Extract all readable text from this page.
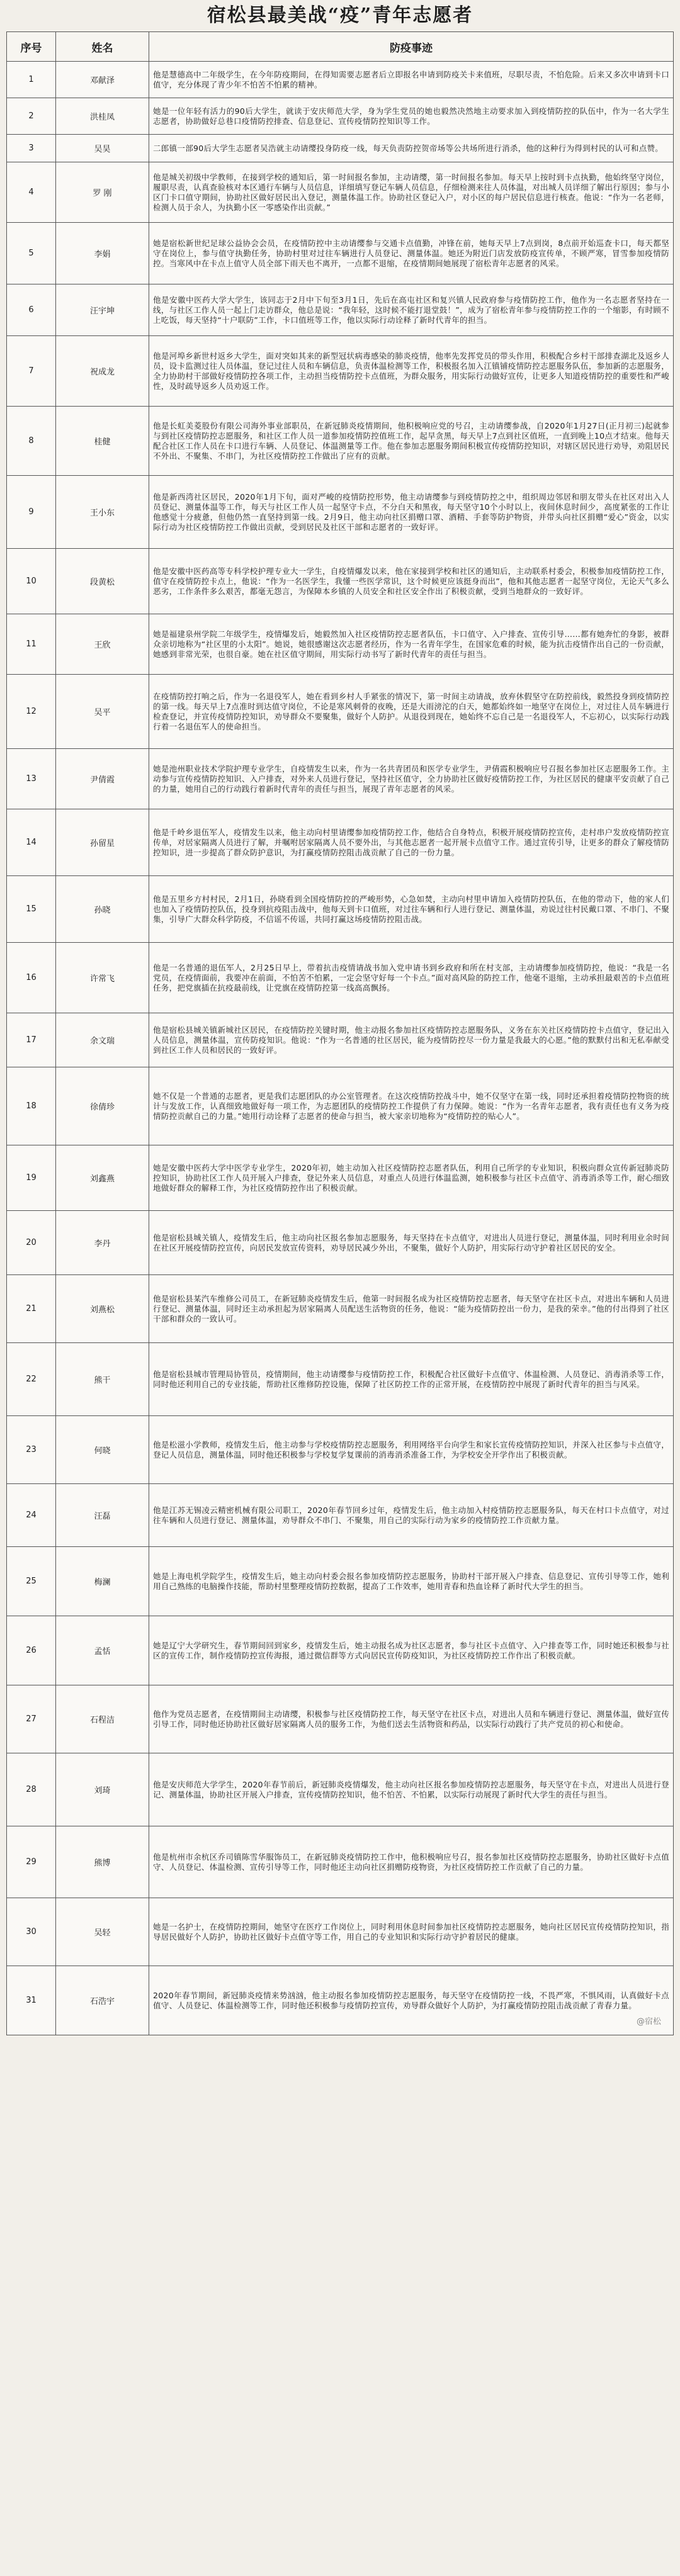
宿松县最美战“疫”青年志愿者
序号	姓名	防疫事迹
1	邓献泽	他是慧德高中二年级学生，在今年防疫期间，在得知需要志愿者后立即报名申请到防疫关卡来值班，尽职尽责，不怕危险。后来又多次申请到卡口值守，充分体现了青少年不怕苦不怕累的精神。
2	洪桂凤	她是一位年轻有活力的90后大学生，就读于安庆师范大学，身为学生党员的她也毅然决然地主动要求加入到疫情防控的队伍中，作为一名大学生志愿者，协助做好总巷口疫情防控排查、信息登记、宣传疫情防控知识等工作。
3	吴昊	二郎镇一部90后大学生志愿者吴浩就主动请缨投身防疫一线，每天负责防控贺帝场等公共场所进行消杀，他的这种行为得到村民的认可和点赞。
4	罗 刚	他是城关初级中学教师，在接到学校的通知后，第一时间报名参加，主动请缨，第一时间报名参加。每天早上按时到卡点执勤，他始终坚守岗位，履职尽责，认真查验核对本区通行车辆与人员信息，详细填写登记车辆人员信息，仔细检测来往人员体温，对出城人员详细了解出行原因；参与小区门卡口值守期间，协助社区做好居民出入登记，测量体温工作。协助社区登记入户，对小区的每户居民信息进行核查。他说：“作为一名老师，检测人员于余人，为执勤小区一零感染作出贡献。”
5	李娟	她是宿松新世纪足球公益协会会员，在疫情防控中主动请缨参与交通卡点值勤，冲锋在前，她每天早上7点到岗，8点前开始巡查卡口，每天都坚守在岗位上，参与值守执勤任务，协助村里对过往车辆进行人员登记、测量体温。她还为附近门店发放防疫宣传单，不顾严寒，冒雪参加疫情防控。当寒风中在卡点上值守人员全部下雨天也不离开，一点都不退缩，在疫情期间她展现了宿松青年志愿者的风采。
6	汪宇坤	他是安徽中医药大学大学生，该同志于2月中下旬至3月1日，先后在高屯社区和复兴镇人民政府参与疫情防控工作，他作为一名志愿者坚持在一线，与社区工作人员一起上门走访群众，他总是说：“我年轻，这时候不能打退堂鼓！”，成为了宿松青年参与疫情防控工作的一个缩影，有时顾不上吃饭，每天坚持“十户联防”工作，卡口值班等工作，他以实际行动诠释了新时代青年的担当。
7	祝成龙	他是河埠乡新世村返乡大学生，面对突如其来的新型冠状病毒感染的肺炎疫情，他率先发挥党员的带头作用，积极配合乡村干部排查湖北及返乡人员，设卡监测过往人员体温，登记过往人员和车辆信息，负责体温检测等工作，积极报名加入江镇铺疫情防控志愿服务队伍，参加新的志愿服务，全力协助村干部做好疫情防控各项工作，主动担当疫情防控卡点值班，为群众服务，用实际行动做好宣传，让更多人知道疫情防控的重要性和严峻性，及时疏导返乡人员劝返工作。
8	桂健	他是长虹美菱股份有限公司海外事业部职员，在新冠肺炎疫情期间，他积极响应党的号召，主动请缨参战，自2020年1月27日(正月初三)起就参与到社区疫情防控志愿服务，和社区工作人员一道参加疫情防控值班工作，起早贪黑，每天早上7点到社区值班，一直到晚上10点才结束。他每天配合社区工作人员在卡口进行车辆、人员登记、体温测量等工作。他在参加志愿服务期间积极宣传疫情防控知识，对辖区居民进行劝导，劝阻居民不外出、不聚集、不串门，为社区疫情防控工作做出了应有的贡献。
9	王小东	他是新西湾社区居民，2020年1月下旬，面对严峻的疫情防控形势，他主动请缨参与到疫情防控之中，组织周边邻居和朋友带头在社区对出入人员登记、测量体温等工作，每天与社区工作人员一起坚守卡点，不分白天和黑夜，每天坚守10个小时以上，夜间休息时间少，高度紧张的工作让他感觉十分疲惫，但他仍然一直坚持到第一线。2月9日，他主动向社区捐赠口罩、酒精、手套等防护物资，并带头向社区捐赠“爱心”资金，以实际行动为社区疫情防控工作做出贡献，受到居民及社区干部和志愿者的一致好评。
10	段黄松	他是安徽中医药高等专科学校护理专业大一学生，自疫情爆发以来，他在家接到学校和社区的通知后，主动联系村委会，积极参加疫情防控工作，值守在疫情防控卡点上，他说：“作为一名医学生，我懂一些医学常识，这个时候更应该挺身而出”，他和其他志愿者一起坚守岗位，无论天气多么恶劣，工作条件多么艰苦，都毫无怨言，为保障本乡镇的人员安全和社区安全作出了积极贡献，受到当地群众的一致好评。
11	王欣	她是福建泉州学院二年级学生，疫情爆发后，她毅然加入社区疫情防控志愿者队伍，卡口值守、入户排查、宣传引导……都有她奔忙的身影，被群众亲切地称为“社区里的小太阳”。她说，她很感谢这次志愿者经历，作为一名青年学生，在国家危难的时候，能为抗击疫情作出自己的一份贡献，她感到非常光荣，也很自豪。她在社区值守期间，用实际行动书写了新时代青年的责任与担当。
12	吴平	在疫情防控打响之后，作为一名退役军人，她在看到乡村人手紧张的情况下，第一时间主动请战，放弃休假坚守在防控前线，毅然投身到疫情防控的第一线。每天早上7点准时到达值守岗位，不论是寒风刺骨的夜晚，还是大雨滂沱的白天，她都始终如一地坚守在岗位上，对过往人员车辆进行检查登记，并宣传疫情防控知识，劝导群众不要聚集，做好个人防护。从退役到现在，她始终不忘自己是一名退役军人，不忘初心，以实际行动践行着一名退伍军人的使命担当。
13	尹倩霞	她是池州职业技术学院护理专业学生，自疫情发生以来，作为一名共青团员和医学专业学生，尹倩霞积极响应号召报名参加社区志愿服务工作。主动参与宣传疫情防控知识、入户排查，对外来人员进行登记，坚持社区值守，全力协助社区做好疫情防控工作，为社区居民的健康平安贡献了自己的力量，她用自己的行动践行着新时代青年的责任与担当，展现了青年志愿者的风采。
14	孙留星	他是千岭乡退伍军人，疫情发生以来，他主动向村里请缨参加疫情防控工作，他结合自身特点，积极开展疫情防控宣传，走村串户发放疫情防控宣传单，对居家隔离人员进行了解，并嘱咐居家隔离人员不要外出，与其他志愿者一起开展卡点值守工作。通过宣传引导，让更多的群众了解疫情防控知识，进一步提高了群众防护意识，为打赢疫情防控阻击战贡献了自己的一份力量。
15	孙晓	他是五里乡方村村民，2月1日，孙晓看到全国疫情防控的严峻形势，心急如焚，主动向村里申请加入疫情防控队伍，在他的带动下，他的家人们也加入了疫情防控队伍，投身到抗疫阻击战中，他每天到卡口值班，对过往车辆和行人进行登记、测量体温，劝说过往村民戴口罩、不串门、不聚集，引导广大群众科学防疫，不信谣不传谣，共同打赢这场疫情防控阻击战。
16	许常飞	他是一名普通的退伍军人，2月25日早上，带着抗击疫情请战书加入党申请书到乡政府和所在村支部，主动请缨参加疫情防控，他说：“我是一名党员，在疫情面前，我要冲在前面，不怕苦不怕累，一定会坚守好每一个卡点。”面对高风险的防控工作，他毫不退缩，主动承担最艰苦的卡点值班任务，把党旗插在抗疫最前线，让党旗在疫情防控第一线高高飘扬。
17	余文瑞	他是宿松县城关镇新城社区居民，在疫情防控关键时期，他主动报名参加社区疫情防控志愿服务队，义务在东关社区疫情防控卡点值守，登记出入人员信息，测量体温，宣传防疫知识。他说：“作为一名普通的社区居民，能为疫情防控尽一份力量是我最大的心愿。”他的默默付出和无私奉献受到社区工作人员和居民的一致好评。
18	徐倩珍	她不仅是一个普通的志愿者，更是我们志愿团队的办公室管理者。在这次疫情防控战斗中，她不仅坚守在第一线，同时还承担着疫情防控物资的统计与发放工作，认真细致地做好每一项工作，为志愿团队的疫情防控工作提供了有力保障。她说：“作为一名青年志愿者，我有责任也有义务为疫情防控贡献自己的力量。”她用行动诠释了志愿者的使命与担当，被大家亲切地称为“疫情防控的贴心人”。
19	刘鑫燕	她是安徽中医药大学中医学专业学生，2020年初，她主动加入社区疫情防控志愿者队伍，利用自己所学的专业知识，积极向群众宣传新冠肺炎防控知识，协助社区工作人员开展入户排查，登记外来人员信息，对重点人员进行体温监测，她积极参与社区卡点值守、消毒消杀等工作，耐心细致地做好群众的解释工作，为社区疫情防控作出了积极贡献。
20	李丹	他是宿松县城关镇人，疫情发生后，他主动向社区报名参加志愿服务，每天坚持在卡点值守，对进出人员进行登记，测量体温，同时利用业余时间在社区开展疫情防控宣传，向居民发放宣传资料，劝导居民减少外出，不聚集，做好个人防护，用实际行动守护着社区居民的安全。
21	刘燕松	他是宿松县某汽车维修公司员工，在新冠肺炎疫情发生后，他第一时间报名成为社区疫情防控志愿者，每天坚守在社区卡点，对进出车辆和人员进行登记、测量体温，同时还主动承担起为居家隔离人员配送生活物资的任务，他说：“能为疫情防控出一份力，是我的荣幸。”他的付出得到了社区干部和群众的一致认可。
22	熊干	他是宿松县城市管理局协管员，疫情期间，他主动请缨参与疫情防控工作，积极配合社区做好卡点值守、体温检测、人员登记、消毒消杀等工作，同时他还利用自己的专业技能，帮助社区维修防控设施，保障了社区防控工作的正常开展，在疫情防控中展现了新时代青年的担当与风采。
23	何晓	他是松滋小学教师，疫情发生后，他主动参与学校疫情防控志愿服务，利用网络平台向学生和家长宣传疫情防控知识，并深入社区参与卡点值守，登记人员信息，测量体温，同时他还积极参与学校复学复课前的消毒消杀准备工作，为学校安全开学作出了积极贡献。
24	汪磊	他是江苏无锡凌云精密机械有限公司职工，2020年春节回乡过年，疫情发生后，他主动加入村疫情防控志愿服务队，每天在村口卡点值守，对过往车辆和人员进行登记、测量体温，劝导群众不串门、不聚集，用自己的实际行动为家乡的疫情防控工作贡献力量。
25	梅澜	她是上海电机学院学生，疫情发生后，她主动向村委会报名参加疫情防控志愿服务，协助村干部开展入户排查、信息登记、宣传引导等工作，她利用自己熟练的电脑操作技能，帮助村里整理疫情防控数据，提高了工作效率，她用青春和热血诠释了新时代大学生的担当。
26	孟恬	她是辽宁大学研究生，春节期间回到家乡，疫情发生后，她主动报名成为社区志愿者，参与社区卡点值守、入户排查等工作，同时她还积极参与社区的宣传工作，制作疫情防控宣传海报，通过微信群等方式向居民宣传防疫知识，为社区疫情防控工作作出了积极贡献。
27	石程洁	他作为党员志愿者，在疫情期间主动请缨，积极参与社区疫情防控工作，每天坚守在社区卡点，对进出人员和车辆进行登记、测量体温，做好宣传引导工作，同时他还协助社区做好居家隔离人员的服务工作，为他们送去生活物资和药品，以实际行动践行了共产党员的初心和使命。
28	刘琦	他是安庆师范大学学生，2020年春节前后，新冠肺炎疫情爆发，他主动向社区报名参加疫情防控志愿服务，每天坚守在卡点，对进出人员进行登记、测量体温，协助社区开展入户排查，宣传疫情防控知识，他不怕苦、不怕累，以实际行动展现了新时代大学生的责任与担当。
29	熊博	他是杭州市余杭区乔司镇陈雪华服饰员工，在新冠肺炎疫情防控工作中，他积极响应号召，报名参加社区疫情防控志愿服务，协助社区做好卡点值守、人员登记、体温检测、宣传引导等工作，同时他还主动向社区捐赠防疫物资，为社区疫情防控工作贡献了自己的力量。
30	吴轻	她是一名护士，在疫情防控期间，她坚守在医疗工作岗位上，同时利用休息时间参加社区疫情防控志愿服务，她向社区居民宣传疫情防控知识，指导居民做好个人防护，协助社区做好卡点值守等工作，用自己的专业知识和实际行动守护着居民的健康。
31	石浩宇	2020年春节期间，新冠肺炎疫情来势汹汹，他主动报名参加疫情防控志愿服务，每天坚守在疫情防控一线，不畏严寒，不惧风雨，认真做好卡点值守、人员登记、体温检测等工作，同时他还积极参与疫情防控宣传，劝导群众做好个人防护，为打赢疫情防控阻击战贡献了青春力量。
@宿松
